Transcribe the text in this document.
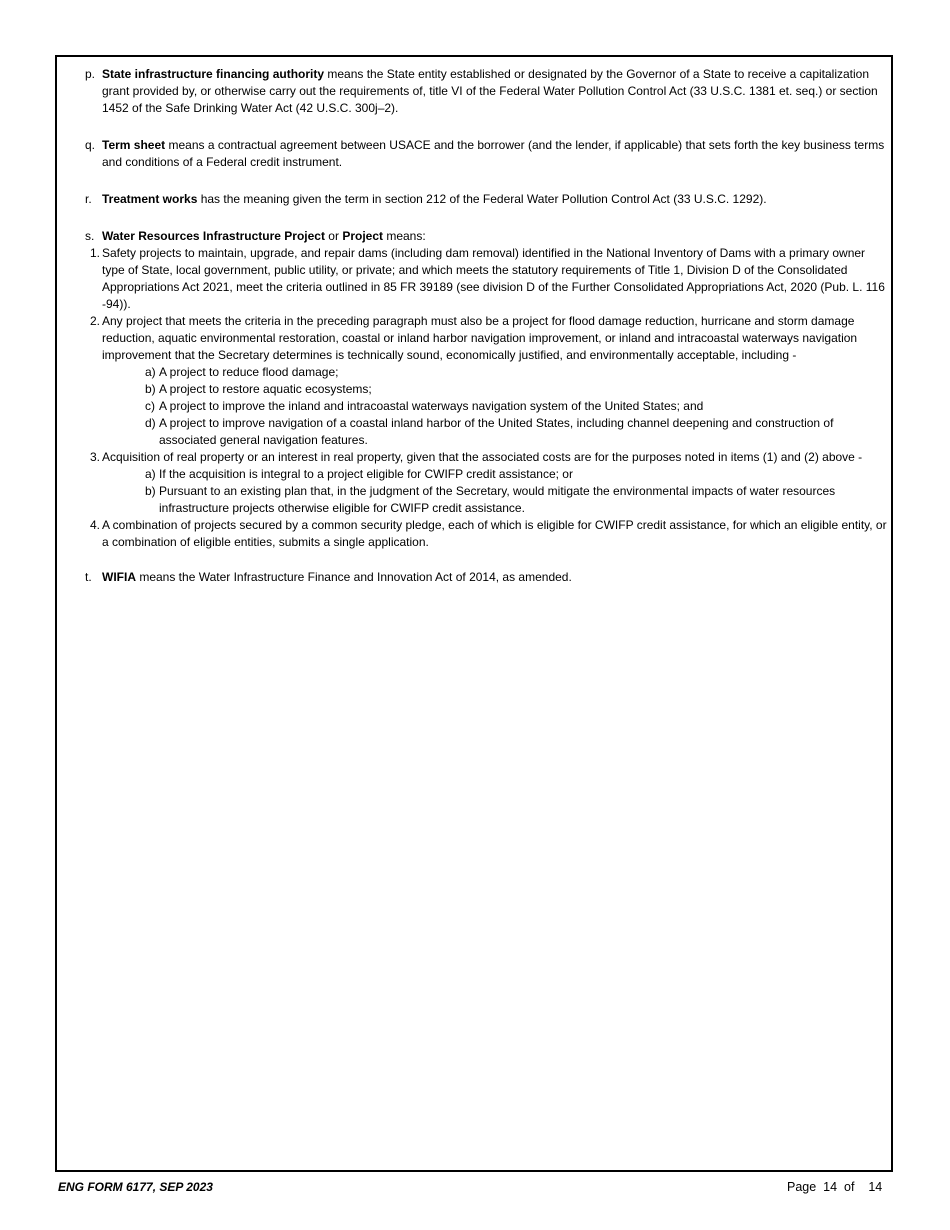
p. State infrastructure financing authority means the State entity established or designated by the Governor of a State to receive a capitalization grant provided by, or otherwise carry out the requirements of, title VI of the Federal Water Pollution Control Act (33 U.S.C. 1381 et. seq.) or section 1452 of the Safe Drinking Water Act (42 U.S.C. 300j–2).
q. Term sheet means a contractual agreement between USACE and the borrower (and the lender, if applicable) that sets forth the key business terms and conditions of a Federal credit instrument.
r. Treatment works has the meaning given the term in section 212 of the Federal Water Pollution Control Act (33 U.S.C. 1292).
s. Water Resources Infrastructure Project or Project means:
1. Safety projects to maintain, upgrade, and repair dams (including dam removal) identified in the National Inventory of Dams with a primary owner type of State, local government, public utility, or private; and which meets the statutory requirements of Title 1, Division D of the Consolidated Appropriations Act 2021, meet the criteria outlined in 85 FR 39189 (see division D of the Further Consolidated Appropriations Act, 2020 (Pub. L. 116 -94)).
2. Any project that meets the criteria in the preceding paragraph must also be a project for flood damage reduction, hurricane and storm damage reduction, aquatic environmental restoration, coastal or inland harbor navigation improvement, or inland and intracoastal waterways navigation improvement that the Secretary determines is technically sound, economically justified, and environmentally acceptable, including -
a) A project to reduce flood damage;
b) A project to restore aquatic ecosystems;
c) A project to improve the inland and intracoastal waterways navigation system of the United States; and
d) A project to improve navigation of a coastal inland harbor of the United States, including channel deepening and construction of associated general navigation features.
3. Acquisition of real property or an interest in real property, given that the associated costs are for the purposes noted in items (1) and (2) above -
a) If the acquisition is integral to a project eligible for CWIFP credit assistance; or
b) Pursuant to an existing plan that, in the judgment of the Secretary, would mitigate the environmental impacts of water resources infrastructure projects otherwise eligible for CWIFP credit assistance.
4. A combination of projects secured by a common security pledge, each of which is eligible for CWIFP credit assistance, for which an eligible entity, or a combination of eligible entities, submits a single application.
t. WIFIA means the Water Infrastructure Finance and Innovation Act of 2014, as amended.
ENG FORM 6177, SEP 2023	Page 14 of 14
